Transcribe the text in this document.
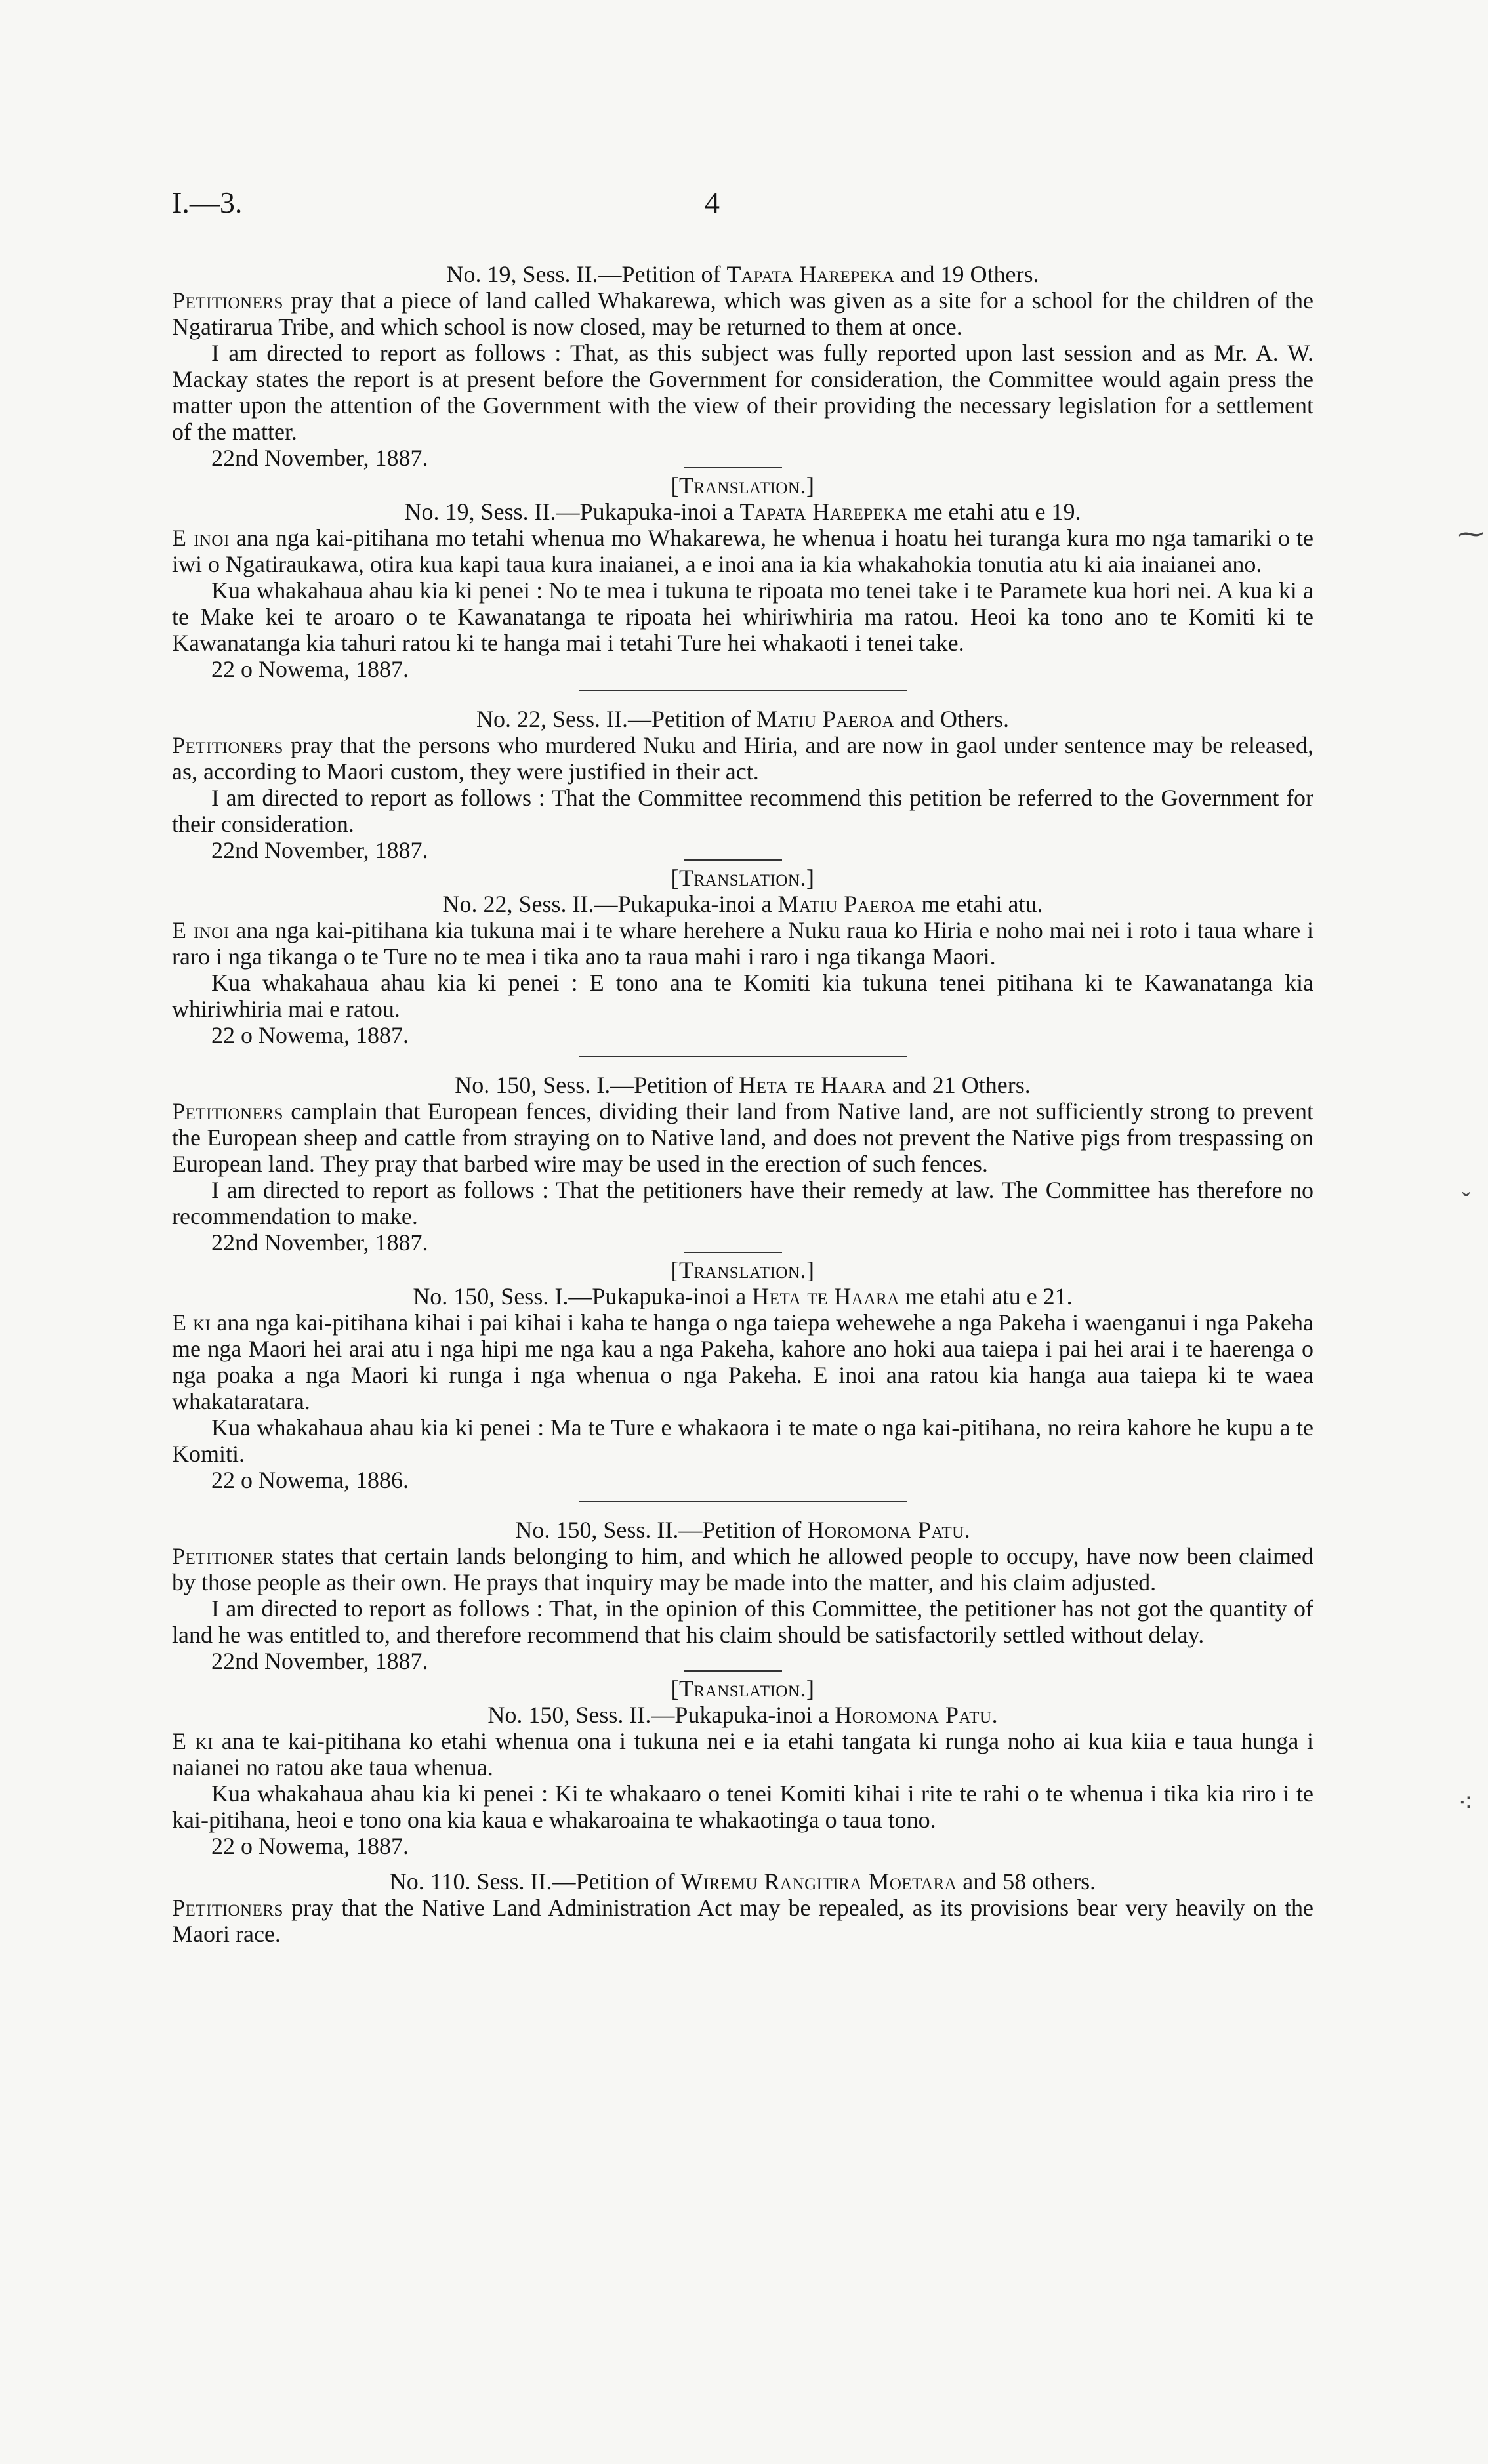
I.—3.	4
⁓
ˇ
⁖

No. 19, Sess. II.—Petition of Tapata Harepeka and 19 Others.

Petitioners pray that a piece of land called Whakarewa, which was given as a site for a school for the children of the Ngatirarua Tribe, and which school is now closed, may be returned to them at once.

I am directed to report as follows : That, as this subject was fully reported upon last session and as Mr. A. W. Mackay states the report is at present before the Government for consideration, the Committee would again press the matter upon the attention of the Government with the view of their providing the necessary legislation for a settlement of the matter.

22nd November, 1887.

[Translation.]

No. 19, Sess. II.—Pukapuka-inoi a Tapata Harepeka me etahi atu e 19.

E inoi ana nga kai-pitihana mo tetahi whenua mo Whakarewa, he whenua i hoatu hei turanga kura mo nga tamariki o te iwi o Ngatiraukawa, otira kua kapi taua kura inaianei, a e inoi ana ia kia whakahokia tonutia atu ki aia inaianei ano.

Kua whakahaua ahau kia ki penei : No te mea i tukuna te ripoata mo tenei take i te Paramete kua hori nei. A kua ki a te Make kei te aroaro o te Kawanatanga te ripoata hei whiriwhiria ma ratou. Heoi ka tono ano te Komiti ki te Kawanatanga kia tahuri ratou ki te hanga mai i tetahi Ture hei whakaoti i tenei take.

22 o Nowema, 1887.

No. 22, Sess. II.—Petition of Matiu Paeroa and Others.

Petitioners pray that the persons who murdered Nuku and Hiria, and are now in gaol under sentence may be released, as, according to Maori custom, they were justified in their act.

I am directed to report as follows : That the Committee recommend this petition be referred to the Government for their consideration.

22nd November, 1887.

[Translation.]

No. 22, Sess. II.—Pukapuka-inoi a Matiu Paeroa me etahi atu.

E inoi ana nga kai-pitihana kia tukuna mai i te whare herehere a Nuku raua ko Hiria e noho mai nei i roto i taua whare i raro i nga tikanga o te Ture no te mea i tika ano ta raua mahi i raro i nga tikanga Maori.

Kua whakahaua ahau kia ki penei : E tono ana te Komiti kia tukuna tenei pitihana ki te Kawanatanga kia whiriwhiria mai e ratou.

22 o Nowema, 1887.

No. 150, Sess. I.—Petition of Heta te Haara and 21 Others.

Petitioners camplain that European fences, dividing their land from Native land, are not sufficiently strong to prevent the European sheep and cattle from straying on to Native land, and does not prevent the Native pigs from trespassing on European land. They pray that barbed wire may be used in the erection of such fences.

I am directed to report as follows : That the petitioners have their remedy at law. The Committee has therefore no recommendation to make.

22nd November, 1887.

[Translation.]

No. 150, Sess. I.—Pukapuka-inoi a Heta te Haara me etahi atu e 21.

E ki ana nga kai-pitihana kihai i pai kihai i kaha te hanga o nga taiepa wehewehe a nga Pakeha i waenganui i nga Pakeha me nga Maori hei arai atu i nga hipi me nga kau a nga Pakeha, kahore ano hoki aua taiepa i pai hei arai i te haerenga o nga poaka a nga Maori ki runga i nga whenua o nga Pakeha. E inoi ana ratou kia hanga aua taiepa ki te waea whakataratara.

Kua whakahaua ahau kia ki penei : Ma te Ture e whakaora i te mate o nga kai-pitihana, no reira kahore he kupu a te Komiti.

22 o Nowema, 1886.

No. 150, Sess. II.—Petition of Horomona Patu.

Petitioner states that certain lands belonging to him, and which he allowed people to occupy, have now been claimed by those people as their own. He prays that inquiry may be made into the matter, and his claim adjusted.

I am directed to report as follows : That, in the opinion of this Committee, the petitioner has not got the quantity of land he was entitled to, and therefore recommend that his claim should be satisfactorily settled without delay.

22nd November, 1887.

[Translation.]

No. 150, Sess. II.—Pukapuka-inoi a Horomona Patu.

E ki ana te kai-pitihana ko etahi whenua ona i tukuna nei e ia etahi tangata ki runga noho ai kua kiia e taua hunga i naianei no ratou ake taua whenua.

Kua whakahaua ahau kia ki penei : Ki te whakaaro o tenei Komiti kihai i rite te rahi o te whenua i tika kia riro i te kai-pitihana, heoi e tono ona kia kaua e whakaroaina te whakaotinga o taua tono.

22 o Nowema, 1887.

No. 110. Sess. II.—Petition of Wiremu Rangitira Moetara and 58 others.

Petitioners pray that the Native Land Administration Act may be repealed, as its provisions bear very heavily on the Maori race.
